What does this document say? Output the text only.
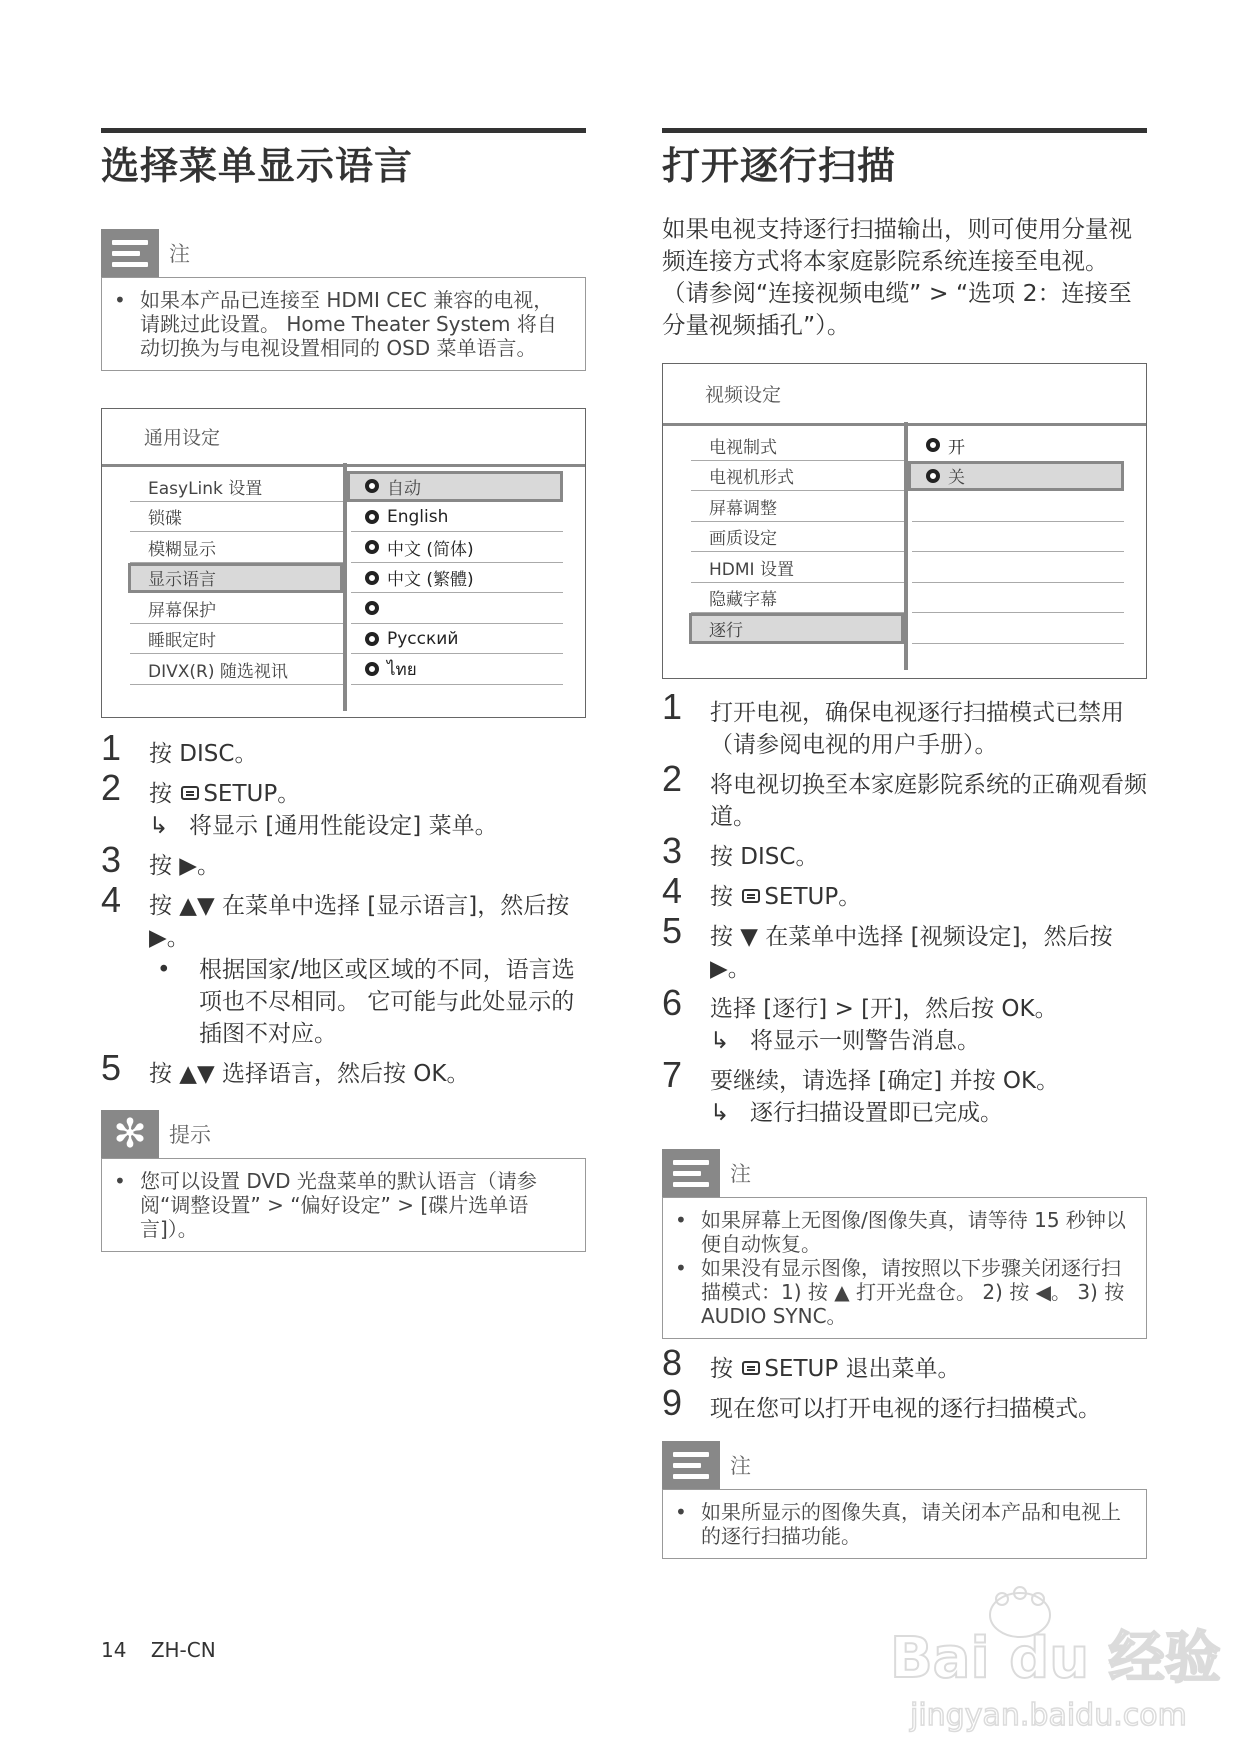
选择菜单显示语言
注
• 如果本产品已连接至 HDMI CEC 兼容的电视，请跳过此设置。 Home Theater System 将自动切换为与电视设置相同的 OSD 菜单语言。
通用设定
EasyLink 设置
锁碟
模糊显示
显示语言
屏幕保护
睡眠定时
DIVX(R) 随选视讯
自动
English
中文 (简体)
中文 (繁體)
Русский
ไทย
1 按 DISC。
2 按 SETUP。
↳ 将显示 [通用性能设定] 菜单。
3 按 ▶。
4 按 ▲▼ 在菜单中选择 [显示语言]，然后按 ▶。
• 根据国家/地区或区域的不同，语言选项也不尽相同。 它可能与此处显示的插图不对应。
5 按 ▲▼ 选择语言，然后按 OK。
✻	提示
• 您可以设置 DVD 光盘菜单的默认语言（请参阅“调整设置” > “偏好设定” > [碟片选单语言]）。
打开逐行扫描

如果电视支持逐行扫描输出，则可使用分量视频连接方式将本家庭影院系统连接至电视。 （请参阅“连接视频电缆” > “选项 2：连接至分量视频插孔”）。

视频设定
电视制式
电视机形式
屏幕调整
画质设定
HDMI 设置
隐藏字幕
逐行
开
关
1 打开电视，确保电视逐行扫描模式已禁用（请参阅电视的用户手册）。
2 将电视切换至本家庭影院系统的正确观看频道。
3 按 DISC。
4 按 SETUP。
5 按 ▼ 在菜单中选择 [视频设定]，然后按 ▶。
6 选择 [逐行] > [开]，然后按 OK。
↳ 将显示一则警告消息。
7 要继续，请选择 [确定] 并按 OK。
↳ 逐行扫描设置即已完成。
注
• 如果屏幕上无图像/图像失真，请等待 15 秒钟以便自动恢复。
• 如果没有显示图像，请按照以下步骤关闭逐行扫描模式：1) 按 ▲ 打开光盘仓。 2) 按 ◀。 3) 按 AUDIO SYNC。
8 按 SETUP 退出菜单。
9 现在您可以打开电视的逐行扫描模式。
注
• 如果所显示的图像失真，请关闭本产品和电视上的逐行扫描功能。
14 ZH-CN	Bai du 经验
jingyan.baidu.com
